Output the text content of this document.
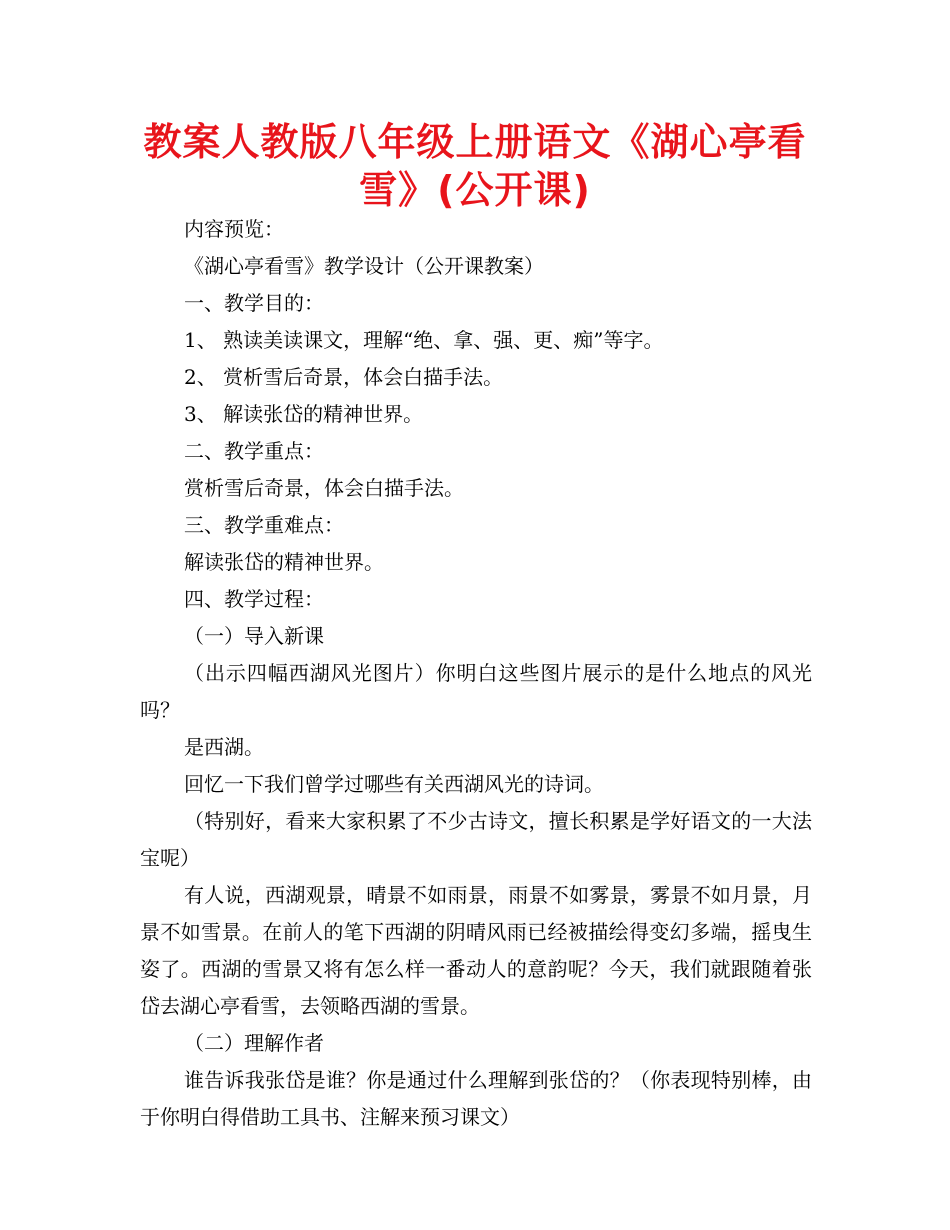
教案人教版八年级上册语文《湖心亭看雪》(公开课)

内容预览：

《湖心亭看雪》教学设计（公开课教案）

一、教学目的：

1、 熟读美读课文，理解“绝、拿、强、更、痴”等字。

2、 赏析雪后奇景，体会白描手法。

3、 解读张岱的精神世界。

二、教学重点：

赏析雪后奇景，体会白描手法。

三、教学重难点：

解读张岱的精神世界。

四、教学过程：

（一）导入新课

（出示四幅西湖风光图片）你明白这些图片展示的是什么地点的风光吗？

是西湖。

回忆一下我们曾学过哪些有关西湖风光的诗词。

（特别好，看来大家积累了不少古诗文，擅长积累是学好语文的一大法宝呢）

有人说，西湖观景，晴景不如雨景，雨景不如雾景，雾景不如月景，月景不如雪景。在前人的笔下西湖的阴晴风雨已经被描绘得变幻多端，摇曳生姿了。西湖的雪景又将有怎么样一番动人的意韵呢？今天，我们就跟随着张岱去湖心亭看雪，去领略西湖的雪景。

（二）理解作者

谁告诉我张岱是谁？你是通过什么理解到张岱的？（你表现特别棒，由于你明白得借助工具书、注解来预习课文）
